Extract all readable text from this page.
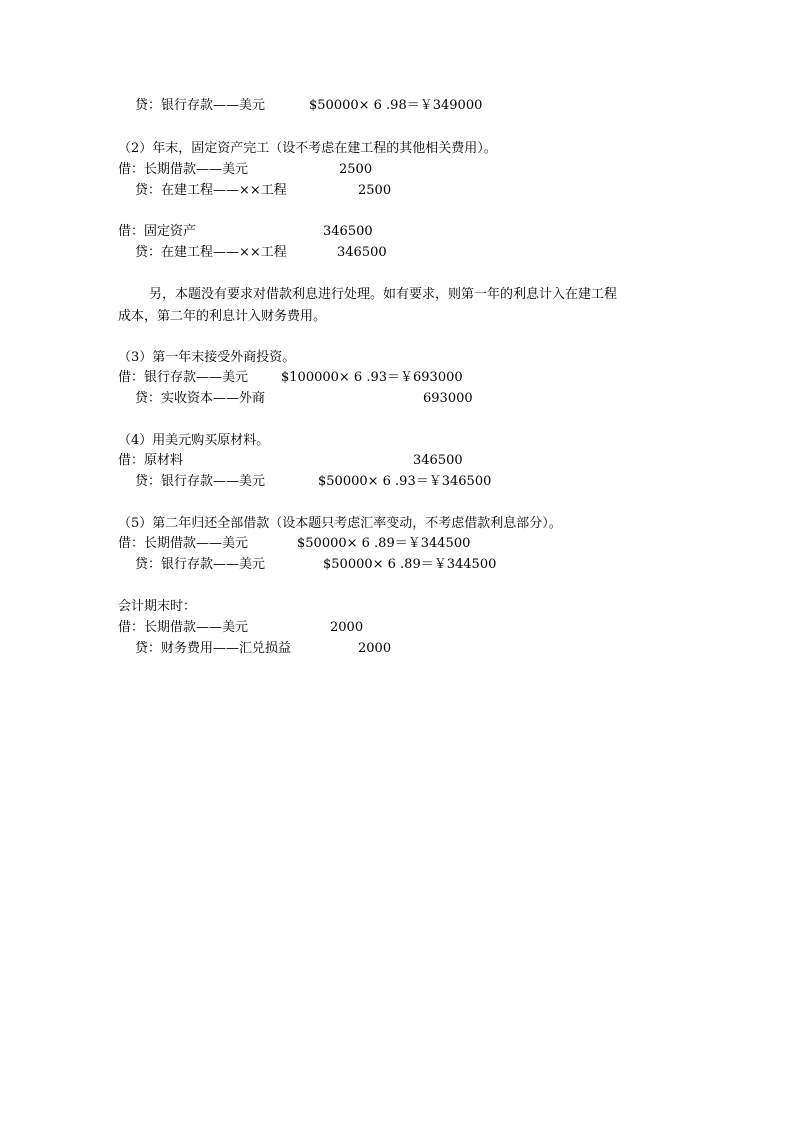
贷：银行存款——美元	$50000× 6 .98＝￥349000
（2）年末，固定资产完工（设不考虑在建工程的其他相关费用）。
借：长期借款——美元	2500
贷：在建工程——××工程	2500
借：固定资产	346500
贷：在建工程——××工程	346500
另，本题没有要求对借款利息进行处理。如有要求，则第一年的利息计入在建工程
成本，第二年的利息计入财务费用。
（3）第一年末接受外商投资。
借：银行存款——美元	$100000× 6 .93＝￥693000
贷：实收资本——外商	693000
（4）用美元购买原材料。
借：原材料	346500
贷：银行存款——美元	$50000× 6 .93＝￥346500
（5）第二年归还全部借款（设本题只考虑汇率变动，不考虑借款利息部分）。
借：长期借款——美元	$50000× 6 .89＝￥344500
贷：银行存款——美元	$50000× 6 .89＝￥344500
会计期末时：
借：长期借款——美元	2000
贷：财务费用——汇兑损益	2000
